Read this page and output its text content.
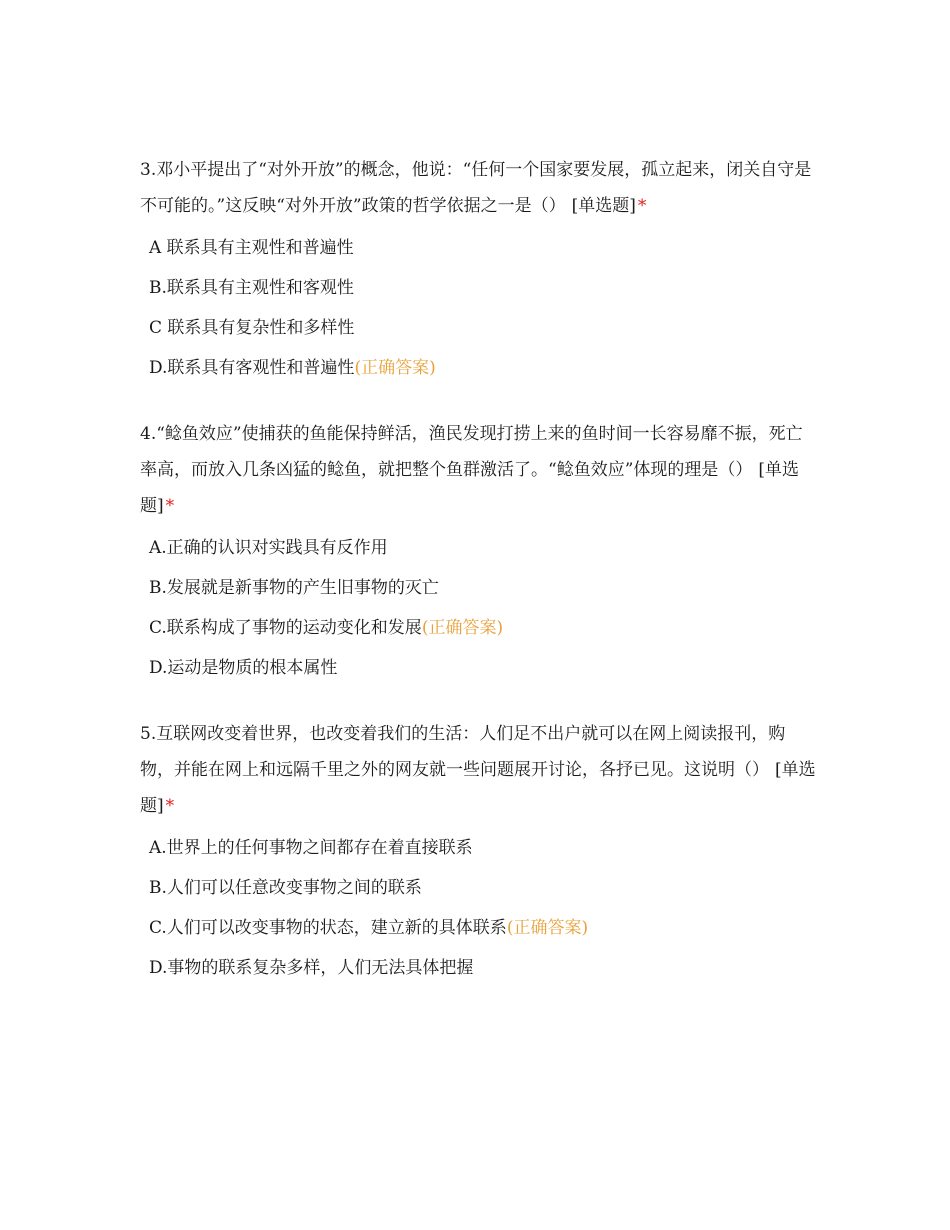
3.邓小平提出了“对外开放”的概念，他说：“任何一个国家要发展，孤立起来，闭关自守是不可能的。”这反映“对外开放”政策的哲学依据之一是（） [单选题] *

A 联系具有主观性和普遍性
B.联系具有主观性和客观性
C 联系具有复杂性和多样性
D.联系具有客观性和普遍性(正确答案)

4.“鲶鱼效应”使捕获的鱼能保持鲜活，渔民发现打捞上来的鱼时间一长容易靡不振，死亡率高，而放入几条凶猛的鲶鱼，就把整个鱼群激活了。“鲶鱼效应”体现的理是（） [单选题] *

A.正确的认识对实践具有反作用
B.发展就是新事物的产生旧事物的灭亡
C.联系构成了事物的运动变化和发展(正确答案)
D.运动是物质的根本属性

5.互联网改变着世界，也改变着我们的生活：人们足不出户就可以在网上阅读报刊，购物，并能在网上和远隔千里之外的网友就一些问题展开讨论，各抒已见。这说明（） [单选题] *

A.世界上的任何事物之间都存在着直接联系
B.人们可以任意改变事物之间的联系
C.人们可以改变事物的状态，建立新的具体联系(正确答案)
D.事物的联系复杂多样，人们无法具体把握
